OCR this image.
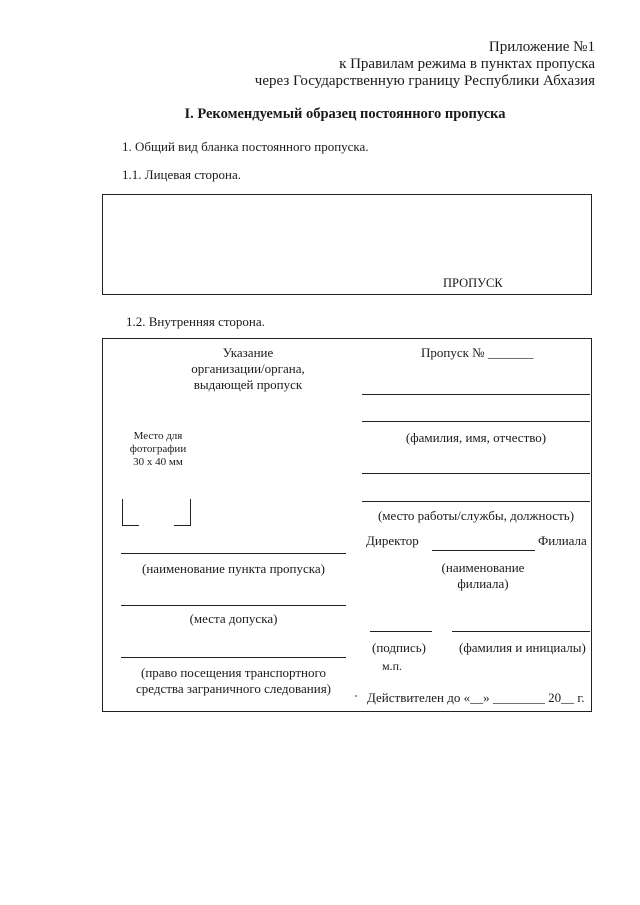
Приложение №1
к Правилам режима в пунктах пропуска
через Государственную границу Республики Абхазия
I. Рекомендуемый образец постоянного пропуска
1. Общий вид бланка постоянного пропуска.
1.1. Лицевая сторона.
ПРОПУСК
1.2. Внутренняя сторона.
Указание
организации/органа,
выдающей пропуск
Место для
фотографии
30 х 40 мм
(наименование пункта пропуска)
(места допуска)
(право посещения транспортного
средства заграничного следования)
Пропуск № _______
(фамилия, имя, отчество)
(место работы/службы, должность)
Директор	Филиала
(наименование
филиала)
(подпись)	(фамилия и инициалы)
м.п.
Действителен до «__» ________ 20__ г.
